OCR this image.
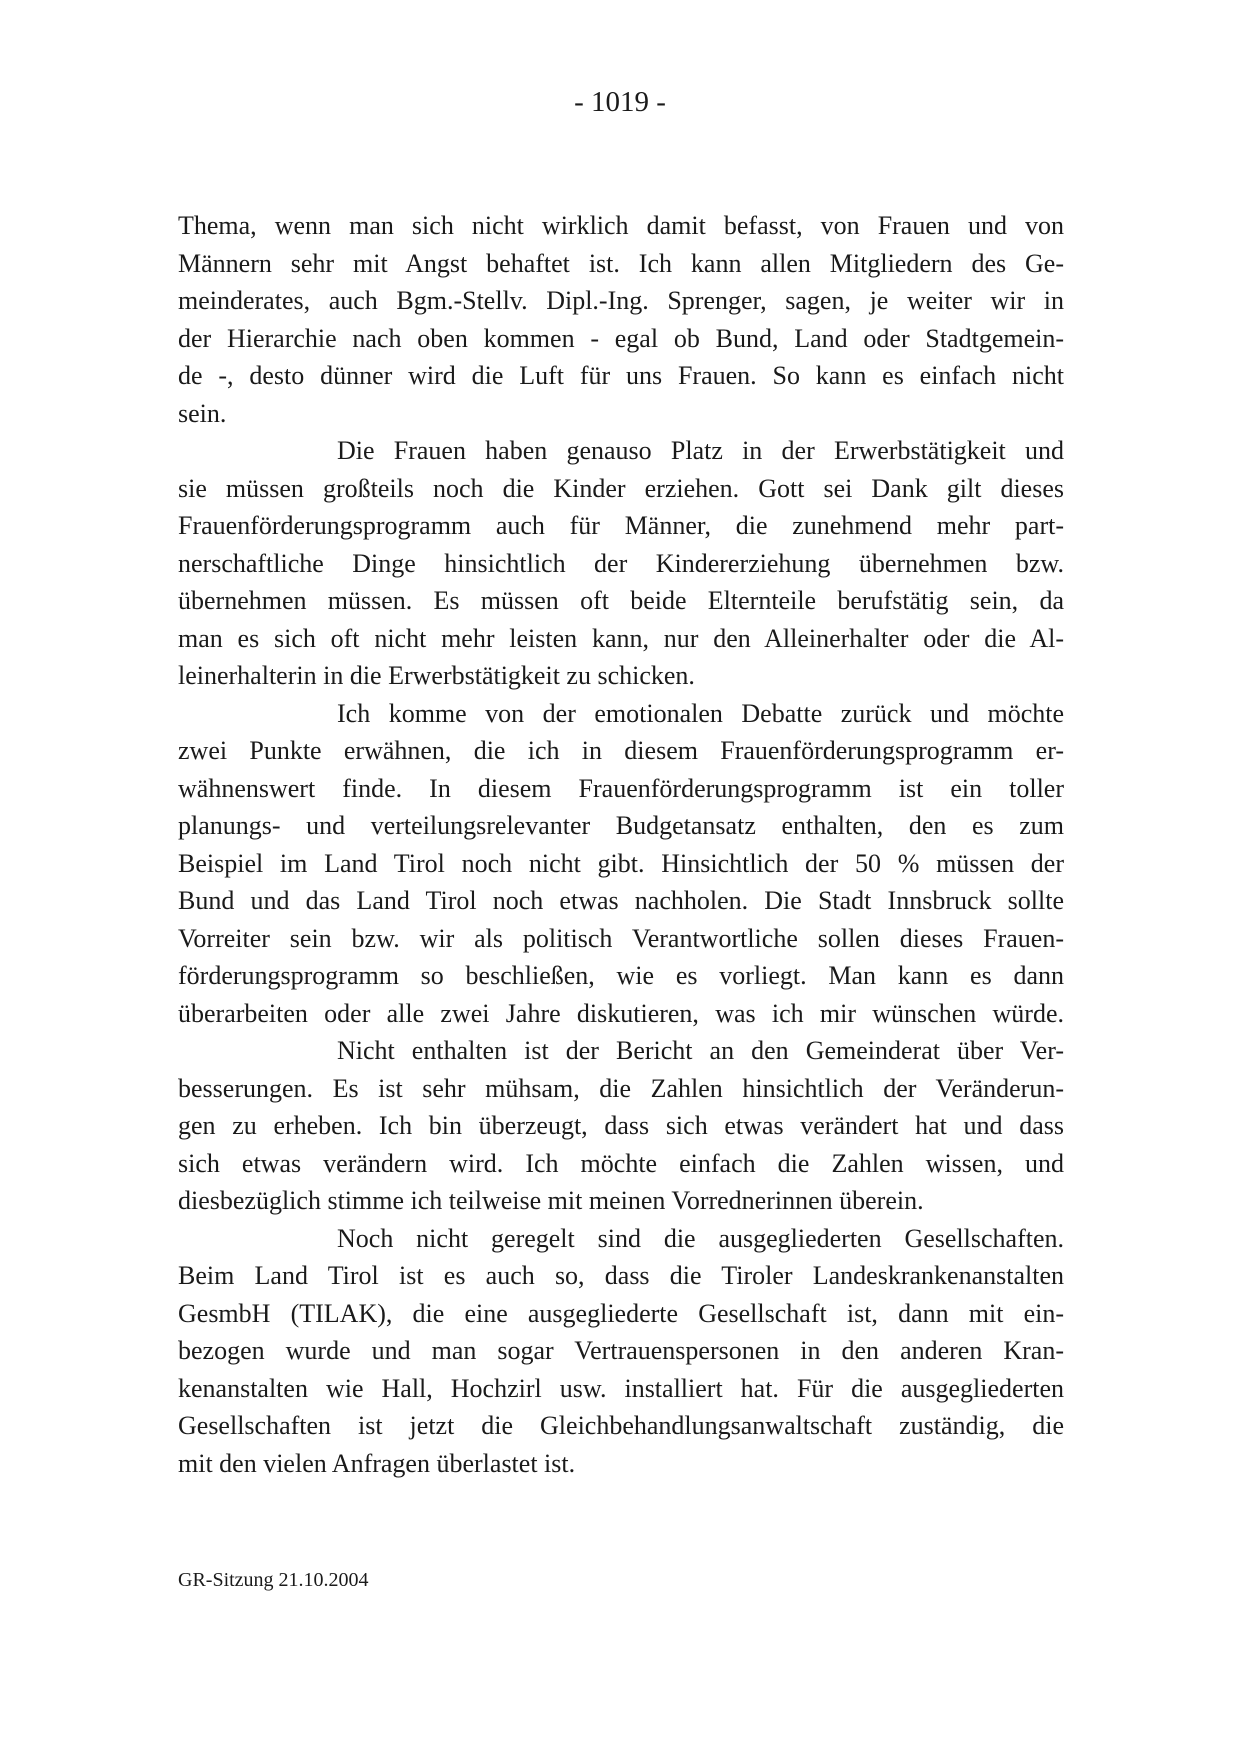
- 1019 -
Thema, wenn man sich nicht wirklich damit befasst, von Frauen und von
Männern sehr mit Angst behaftet ist. Ich kann allen Mitgliedern des Ge-
meinderates, auch Bgm.-Stellv. Dipl.-Ing. Sprenger, sagen, je weiter wir in
der Hierarchie nach oben kommen - egal ob Bund, Land oder Stadtgemein-
de -, desto dünner wird die Luft für uns Frauen. So kann es einfach nicht
sein.
Die Frauen haben genauso Platz in der Erwerbstätigkeit und
sie müssen großteils noch die Kinder erziehen. Gott sei Dank gilt dieses
Frauenförderungsprogramm auch für Männer, die zunehmend mehr part-
nerschaftliche Dinge hinsichtlich der Kindererziehung übernehmen bzw.
übernehmen müssen. Es müssen oft beide Elternteile berufstätig sein, da
man es sich oft nicht mehr leisten kann, nur den Alleinerhalter oder die Al-
leinerhalterin in die Erwerbstätigkeit zu schicken.
Ich komme von der emotionalen Debatte zurück und möchte
zwei Punkte erwähnen, die ich in diesem Frauenförderungsprogramm er-
wähnenswert finde. In diesem Frauenförderungsprogramm ist ein toller
planungs- und verteilungsrelevanter Budgetansatz enthalten, den es zum
Beispiel im Land Tirol noch nicht gibt. Hinsichtlich der 50 % müssen der
Bund und das Land Tirol noch etwas nachholen. Die Stadt Innsbruck sollte
Vorreiter sein bzw. wir als politisch Verantwortliche sollen dieses Frauen-
förderungsprogramm so beschließen, wie es vorliegt. Man kann es dann
überarbeiten oder alle zwei Jahre diskutieren, was ich mir wünschen würde.
Nicht enthalten ist der Bericht an den Gemeinderat über Ver-
besserungen. Es ist sehr mühsam, die Zahlen hinsichtlich der Veränderun-
gen zu erheben. Ich bin überzeugt, dass sich etwas verändert hat und dass
sich etwas verändern wird. Ich möchte einfach die Zahlen wissen, und
diesbezüglich stimme ich teilweise mit meinen Vorrednerinnen überein.
Noch nicht geregelt sind die ausgegliederten Gesellschaften.
Beim Land Tirol ist es auch so, dass die Tiroler Landeskrankenanstalten
GesmbH (TILAK), die eine ausgegliederte Gesellschaft ist, dann mit ein-
bezogen wurde und man sogar Vertrauenspersonen in den anderen Kran-
kenanstalten wie Hall, Hochzirl usw. installiert hat. Für die ausgegliederten
Gesellschaften ist jetzt die Gleichbehandlungsanwaltschaft zuständig, die
mit den vielen Anfragen überlastet ist.
GR-Sitzung 21.10.2004
